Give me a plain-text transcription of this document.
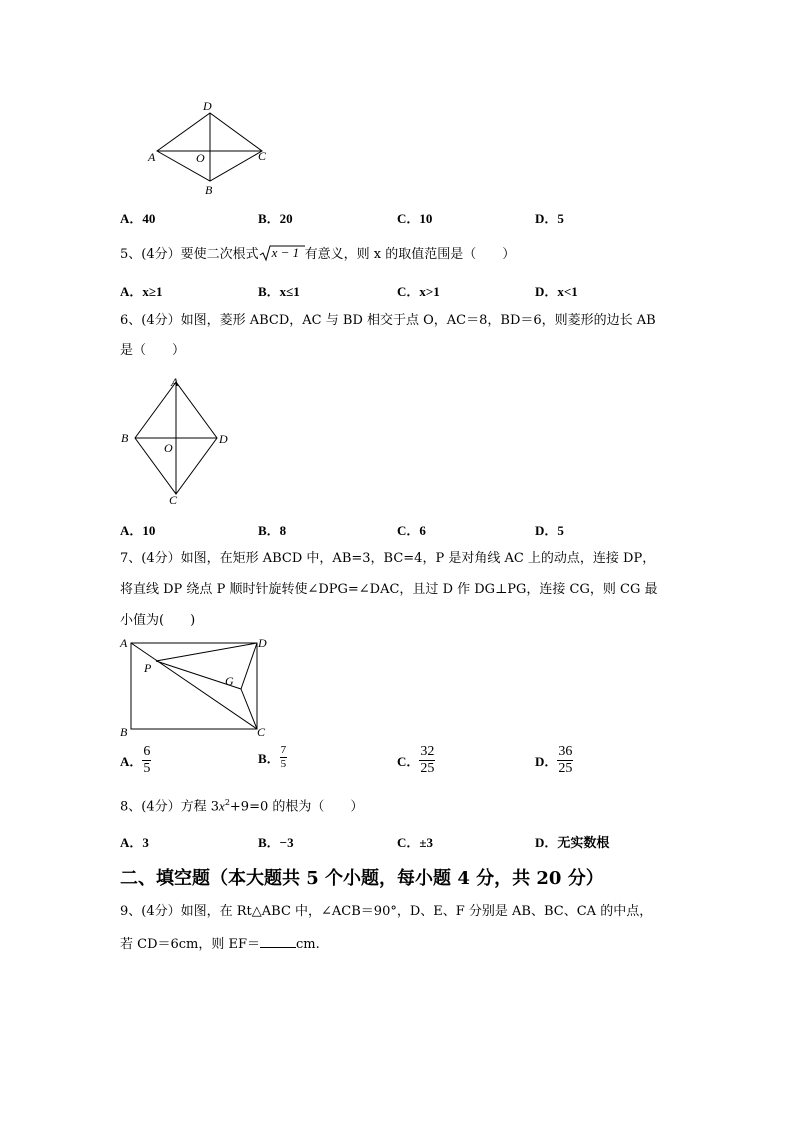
D
A	O	C
B
A．40	B．20	C．10	D．5
5、(4分）要使二次根式 x − 1 有意义，则 x 的取值范围是（　　）
A．x≥1	B．x≤1	C．x>1	D．x<1
6、(4分）如图，菱形 ABCD，AC 与 BD 相交于点 O，AC＝8，BD＝6，则菱形的边长 AB
是（　　）
A
B
O
D
C
A．10	B．8	C．6	D．5
7、(4分）如图，在矩形 ABCD 中，AB=3，BC=4，P 是对角线 AC 上的动点，连接 DP，
将直线 DP 绕点 P 顺时针旋转使∠DPG=∠DAC，且过 D 作 DG⊥PG，连接 CG，则 CG 最
小值为(　　)
A	D
P
G
B	C
A． $\frac{6}{5}$	B． $\frac{7}{5}$	C． $\frac{32}{25}$	D． $\frac{36}{25}$
8、(4分）方程 $3x^2+9=0$ 的根为（　　）
A．3	B．−3	C．±3	D．无实数根
二、填空题（本大题共 5 个小题，每小题 4 分，共 20 分）
9、(4分）如图，在 Rt△ABC 中，∠ACB＝90°，D、E、F 分别是 AB、BC、CA 的中点，
若 CD＝6cm，则 EF＝	cm.
